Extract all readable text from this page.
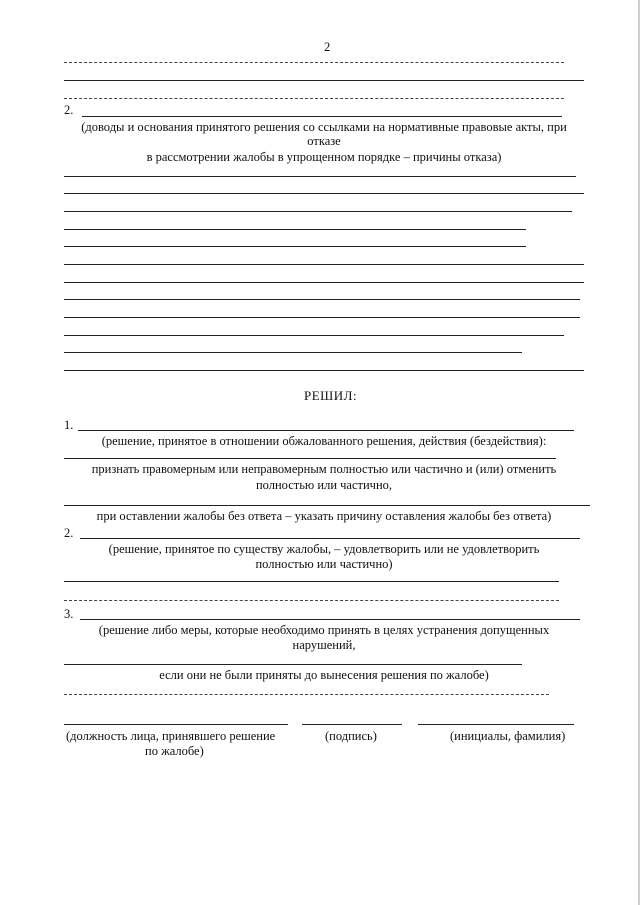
2
2.
(доводы и основания принятого решения со ссылками на нормативные правовые акты, при
отказе
в рассмотрении жалобы в упрощенном порядке – причины отказа)
РЕШИЛ:
1.
(решение, принятое в отношении обжалованного решения, действия (бездействия):
признать правомерным или неправомерным полностью или частично и (или) отменить
полностью или частично,
при оставлении жалобы без ответа – указать причину оставления жалобы без ответа)
2.
(решение, принятое по существу жалобы, – удовлетворить или не удовлетворить
полностью или частично)
3.
(решение либо меры, которые необходимо принять в целях устранения допущенных
нарушений,
если они не были приняты до вынесения решения по жалобе)
(должность лица, принявшего решение
по жалобе)
(подпись)	(инициалы, фамилия)
